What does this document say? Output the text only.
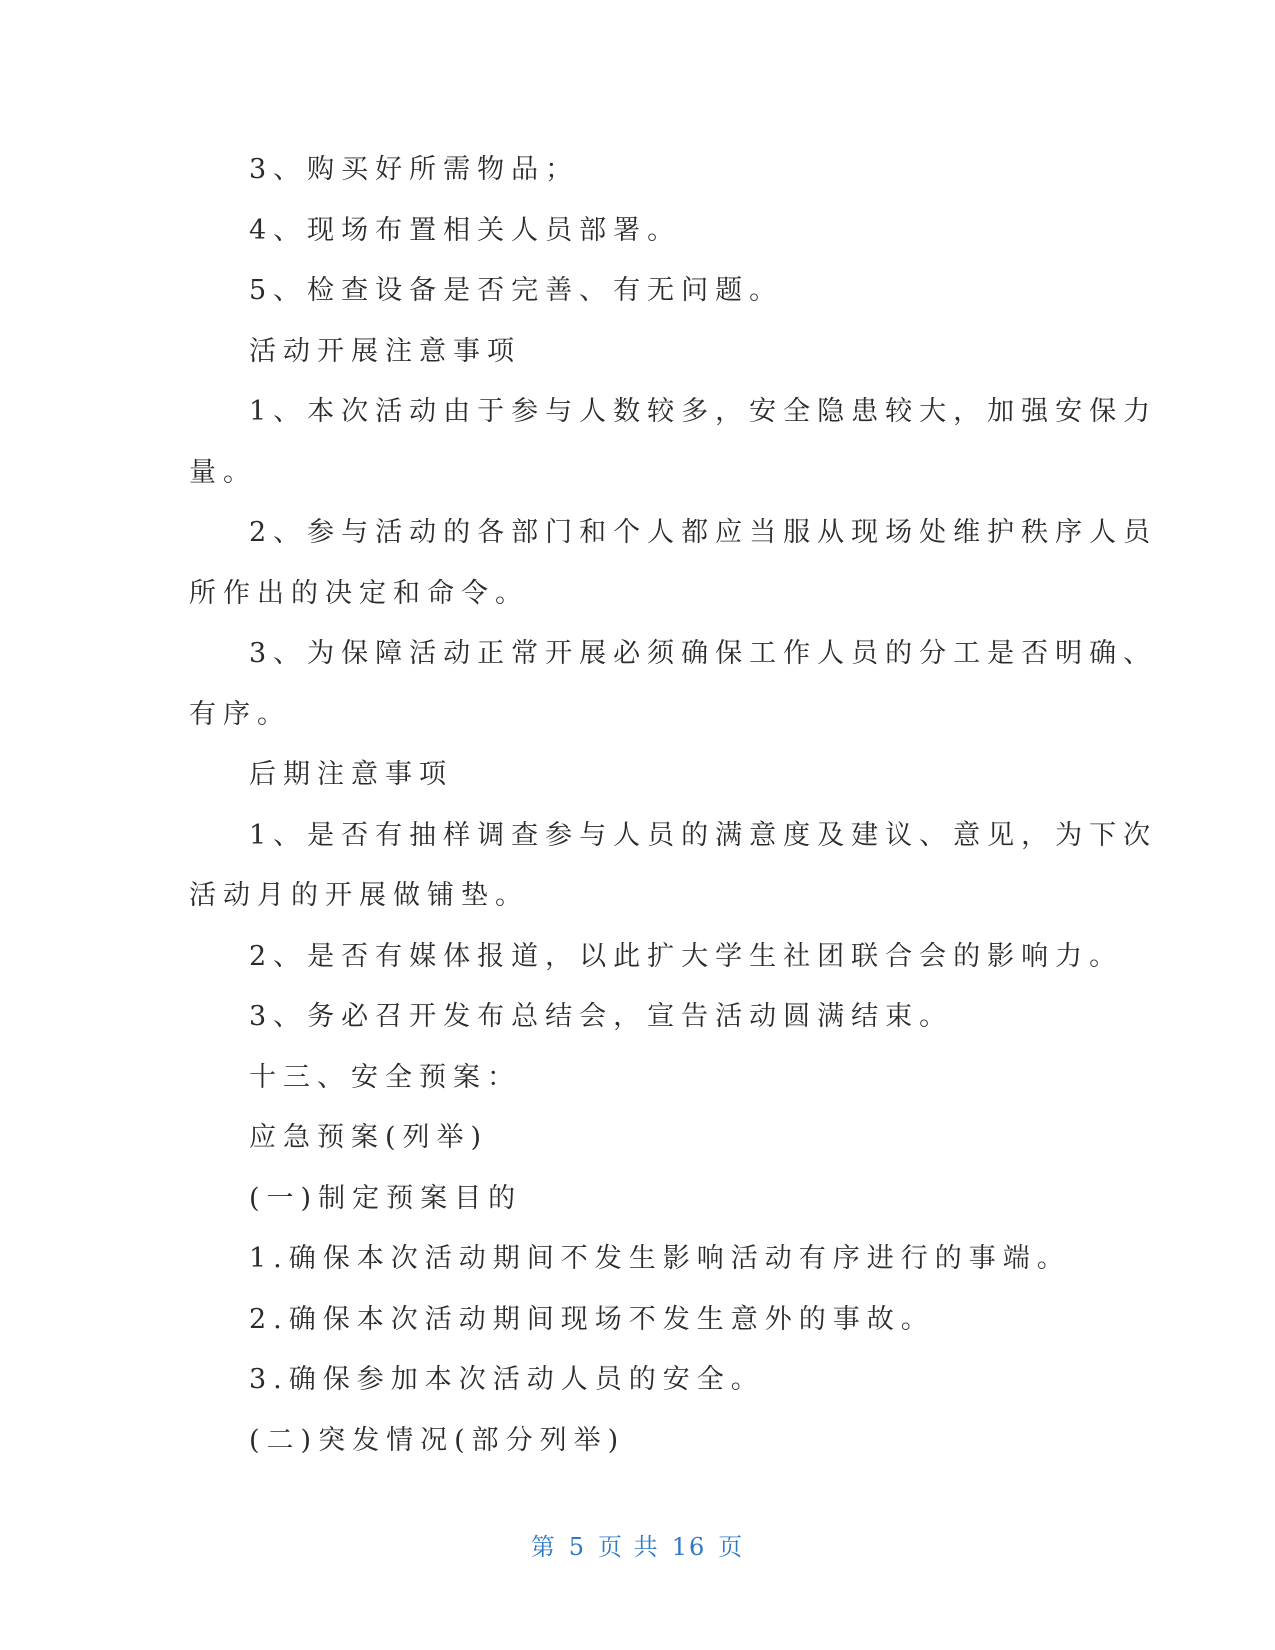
3、购买好所需物品；
4、现场布置相关人员部署。
5、检查设备是否完善、有无问题。
活动开展注意事项
1、本次活动由于参与人数较多，安全隐患较大，加强安保力
量。
2、参与活动的各部门和个人都应当服从现场处维护秩序人员
所作出的决定和命令。
3、为保障活动正常开展必须确保工作人员的分工是否明确、
有序。
后期注意事项
1、是否有抽样调查参与人员的满意度及建议、意见，为下次
活动月的开展做铺垫。
2、是否有媒体报道，以此扩大学生社团联合会的影响力。
3、务必召开发布总结会，宣告活动圆满结束。
十三、安全预案：
应急预案(列举)
(一)制定预案目的
1.确保本次活动期间不发生影响活动有序进行的事端。
2.确保本次活动期间现场不发生意外的事故。
3.确保参加本次活动人员的安全。
(二)突发情况(部分列举)
第 5 页 共 16 页
